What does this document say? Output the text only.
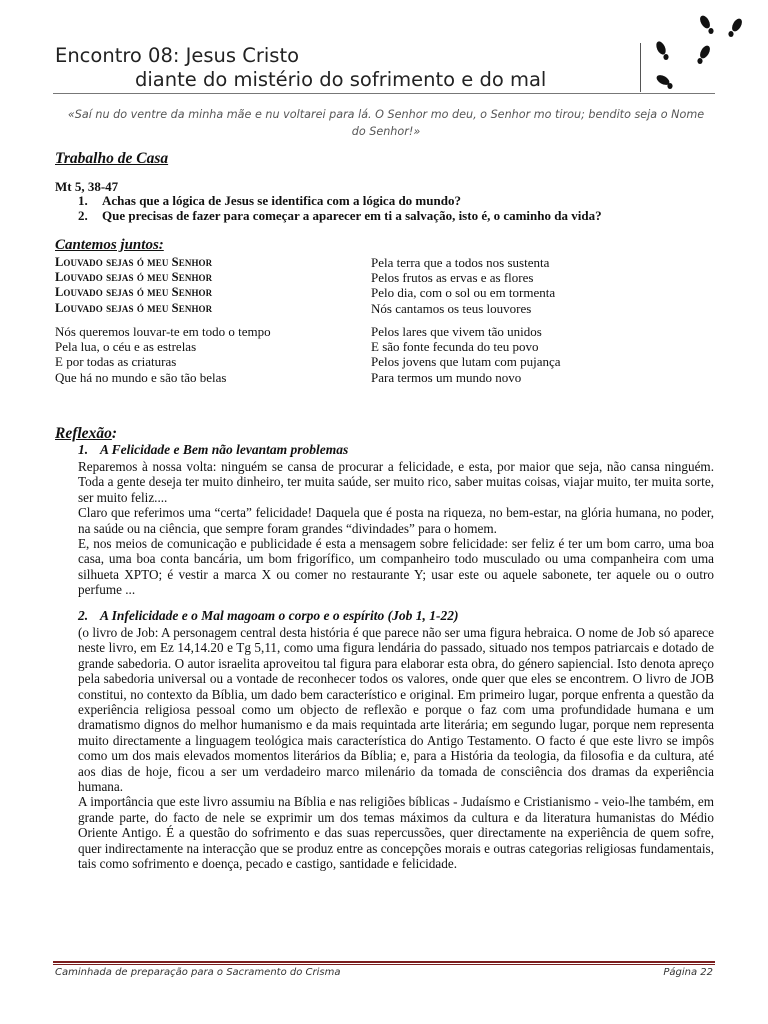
Encontro 08: Jesus Cristo
diante do mistério do sofrimento e do mal
«Saí nu do ventre da minha mãe e nu voltarei para lá. O Senhor mo deu, o Senhor mo tirou; bendito seja o Nome do Senhor!»
Trabalho de Casa
Mt 5, 38-47
1. Achas que a lógica de Jesus se identifica com a lógica do mundo?
2. Que precisas de fazer para começar a aparecer em ti a salvação, isto é, o caminho da vida?
Cantemos juntos:
Louvado sejas ó meu Senhor
Louvado sejas ó meu Senhor
Louvado sejas ó meu Senhor
Louvado sejas ó meu Senhor
Pela terra que a todos nos sustenta
Pelos frutos as ervas e as flores
Pelo dia, com o sol ou em tormenta
Nós cantamos os teus louvores
Nós queremos louvar-te em todo o tempo
Pela lua, o céu e as estrelas
E por todas as criaturas
Que há no mundo e são tão belas
Pelos lares que vivem tão unidos
E são fonte fecunda do teu povo
Pelos jovens que lutam com pujança
Para termos um mundo novo
Reflexão:
1. A Felicidade e Bem não levantam problemas

Reparemos à nossa volta: ninguém se cansa de procurar a felicidade, e esta, por maior que seja, não cansa ninguém. Toda a gente deseja ter muito dinheiro, ter muita saúde, ser muito rico, saber muitas coisas, viajar muito, ter muita sorte, ser muito feliz....

Claro que referimos uma “certa” felicidade! Daquela que é posta na riqueza, no bem-estar, na glória humana, no poder, na saúde ou na ciência, que sempre foram grandes “divindades” para o homem.

E, nos meios de comunicação e publicidade é esta a mensagem sobre felicidade: ser feliz é ter um bom carro, uma boa casa, uma boa conta bancária, um bom frigorífico, um companheiro todo musculado ou uma companheira com uma silhueta XPTO; é vestir a marca X ou comer no restaurante Y; usar este ou aquele sabonete, ter aquele ou o outro perfume ...

2. A Infelicidade e o Mal magoam o corpo e o espírito (Job 1, 1-22)

(o livro de Job: A personagem central desta história é que parece não ser uma figura hebraica. O nome de Job só aparece neste livro, em Ez 14,14.20 e Tg 5,11, como uma figura lendária do passado, situado nos tempos patriarcais e dotado de grande sabedoria. O autor israelita aproveitou tal figura para elaborar esta obra, do género sapiencial. Isto denota apreço pela sabedoria universal ou a vontade de reconhecer todos os valores, onde quer que eles se encontrem. O livro de JOB constitui, no contexto da Bíblia, um dado bem característico e original. Em primeiro lugar, porque enfrenta a questão da experiência religiosa pessoal como um objecto de reflexão e porque o faz com uma profundidade humana e um dramatismo dignos do melhor humanismo e da mais requintada arte literária; em segundo lugar, porque nem representa muito directamente a linguagem teológica mais característica do Antigo Testamento. O facto é que este livro se impôs como um dos mais elevados momentos literários da Bíblia; e, para a História da teologia, da filosofia e da cultura, até aos dias de hoje, ficou a ser um verdadeiro marco milenário da tomada de consciência dos dramas da experiência humana.

A importância que este livro assumiu na Bíblia e nas religiões bíblicas - Judaísmo e Cristianismo - veio-lhe também, em grande parte, do facto de nele se exprimir um dos temas máximos da cultura e da literatura humanistas do Médio Oriente Antigo. É a questão do sofrimento e das suas repercussões, quer directamente na experiência de quem sofre, quer indirectamente na interacção que se produz entre as concepções morais e outras categorias religiosas fundamentais, tais como sofrimento e doença, pecado e castigo, santidade e felicidade.

Caminhada de preparação para o Sacramento do Crisma	Página 22
